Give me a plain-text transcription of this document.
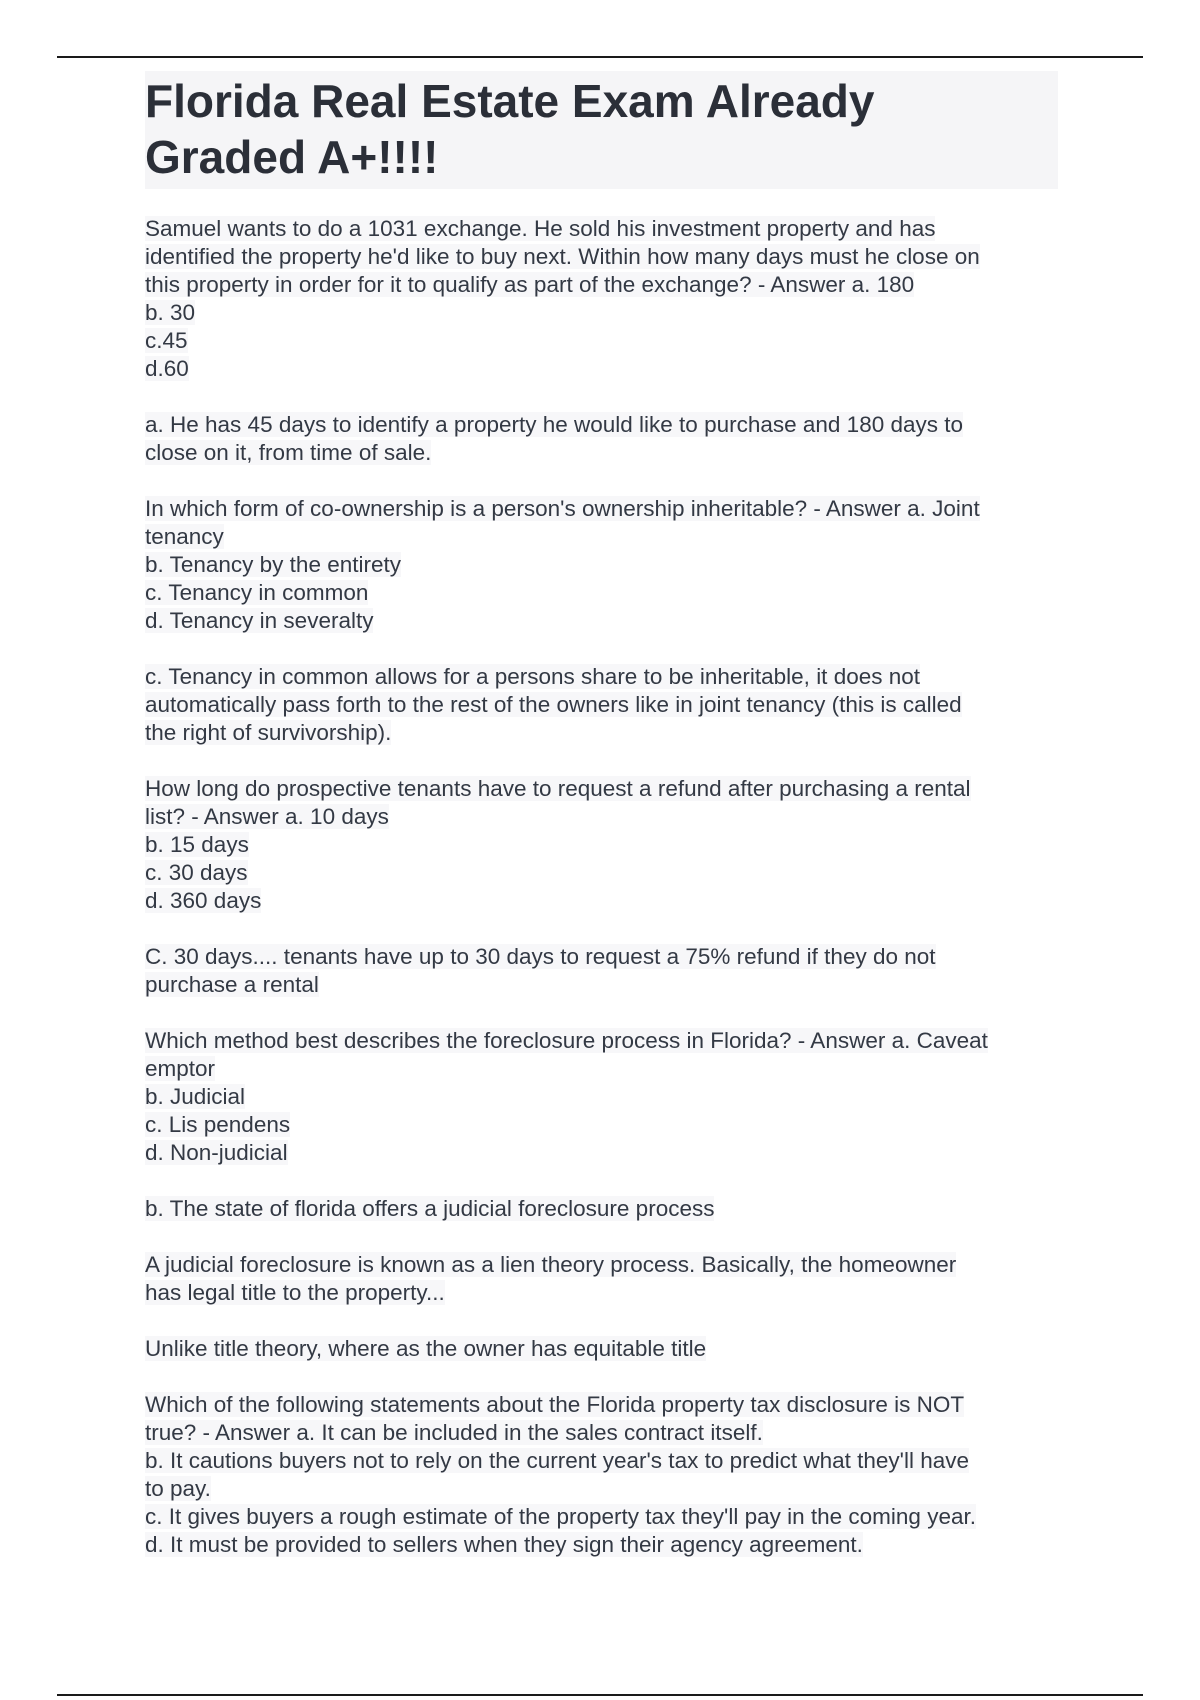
Florida Real Estate Exam Already
Graded A+!!!!
Samuel wants to do a 1031 exchange. He sold his investment property and has
identified the property he'd like to buy next. Within how many days must he close on
this property in order for it to qualify as part of the exchange? - Answer a. 180
b. 30
c.45
d.60
a. He has 45 days to identify a property he would like to purchase and 180 days to
close on it, from time of sale.
In which form of co-ownership is a person's ownership inheritable? - Answer a. Joint
tenancy
b. Tenancy by the entirety
c. Tenancy in common
d. Tenancy in severalty
c. Tenancy in common allows for a persons share to be inheritable, it does not
automatically pass forth to the rest of the owners like in joint tenancy (this is called
the right of survivorship).
How long do prospective tenants have to request a refund after purchasing a rental
list? - Answer a. 10 days
b. 15 days
c. 30 days
d. 360 days
C. 30 days.... tenants have up to 30 days to request a 75% refund if they do not
purchase a rental
Which method best describes the foreclosure process in Florida? - Answer a. Caveat
emptor
b. Judicial
c. Lis pendens
d. Non-judicial
b. The state of florida offers a judicial foreclosure process
A judicial foreclosure is known as a lien theory process. Basically, the homeowner
has legal title to the property...
Unlike title theory, where as the owner has equitable title
Which of the following statements about the Florida property tax disclosure is NOT
true? - Answer a. It can be included in the sales contract itself.
b. It cautions buyers not to rely on the current year's tax to predict what they'll have
to pay.
c. It gives buyers a rough estimate of the property tax they'll pay in the coming year.
d. It must be provided to sellers when they sign their agency agreement.
